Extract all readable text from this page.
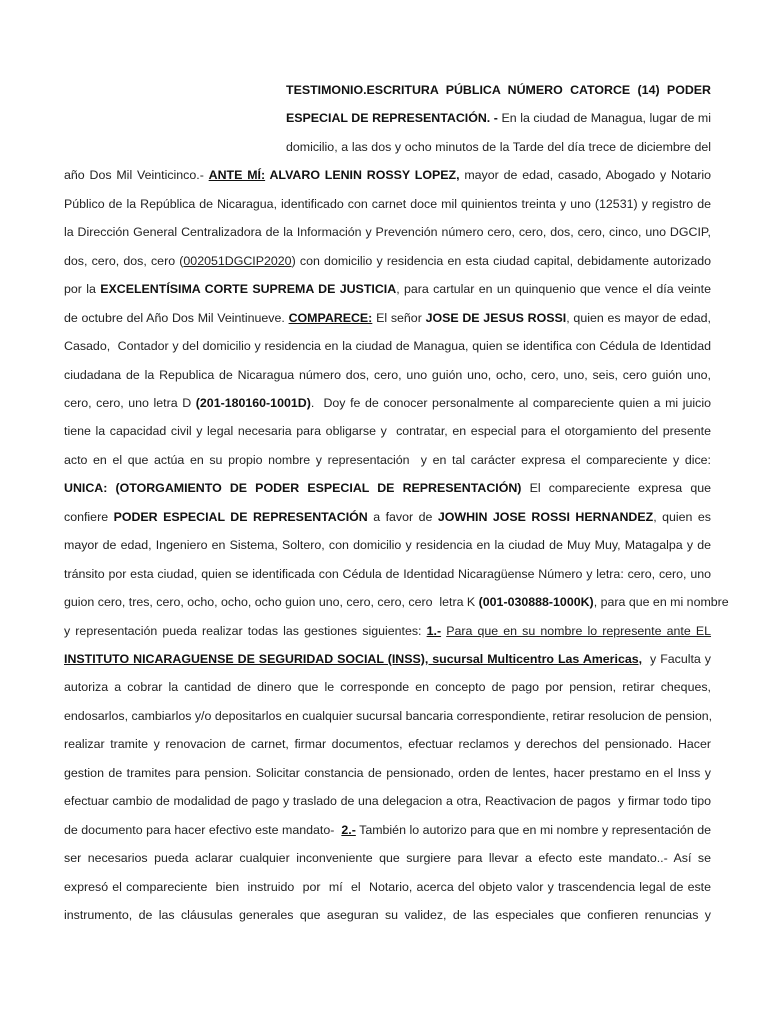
TESTIMONIO.ESCRITURA PÚBLICA NÚMERO CATORCE (14) PODER
ESPECIAL DE REPRESENTACIÓN. - En la ciudad de Managua, lugar de mi
domicilio, a las dos y ocho minutos de la Tarde del día trece de diciembre del
año Dos Mil Veinticinco.- ANTE MÍ: ALVARO LENIN ROSSY LOPEZ, mayor de edad, casado, Abogado y Notario
Público de la República de Nicaragua, identificado con carnet doce mil quinientos treinta y uno (12531) y registro de
la Dirección General Centralizadora de la Información y Prevención número cero, cero, dos, cero, cinco, uno DGCIP,
dos, cero, dos, cero (002051DGCIP2020) con domicilio y residencia en esta ciudad capital, debidamente autorizado
por la EXCELENTÍSIMA CORTE SUPREMA DE JUSTICIA, para cartular en un quinquenio que vence el día veinte
de octubre del Año Dos Mil Veintinueve. COMPARECE: El señor JOSE DE JESUS ROSSI, quien es mayor de edad,
Casado,  Contador y del domicilio y residencia en la ciudad de Managua, quien se identifica con Cédula de Identidad
ciudadana de la Republica de Nicaragua número dos, cero, uno guión uno, ocho, cero, uno, seis, cero guión uno,
cero, cero, uno letra D (201-180160-1001D).  Doy fe de conocer personalmente al compareciente quien a mi juicio
tiene la capacidad civil y legal necesaria para obligarse y  contratar, en especial para el otorgamiento del presente
acto en el que actúa en su propio nombre y representación  y en tal carácter expresa el compareciente y dice:
UNICA: (OTORGAMIENTO DE PODER ESPECIAL DE REPRESENTACIÓN) El compareciente expresa que
confiere PODER ESPECIAL DE REPRESENTACIÓN a favor de JOWHIN JOSE ROSSI HERNANDEZ, quien es
mayor de edad, Ingeniero en Sistema, Soltero, con domicilio y residencia en la ciudad de Muy Muy, Matagalpa y de
tránsito por esta ciudad, quien se identificada con Cédula de Identidad Nicaragüense Número y letra: cero, cero, uno
guion cero, tres, cero, ocho, ocho, ocho guion uno, cero, cero, cero  letra K (001-030888-1000K), para que en mi nombre
y representación pueda realizar todas las gestiones siguientes: 1.- Para que en su nombre lo represente ante EL
INSTITUTO NICARAGUENSE DE SEGURIDAD SOCIAL (INSS), sucursal Multicentro Las Americas,  y Faculta y
autoriza a cobrar la cantidad de dinero que le corresponde en concepto de pago por pension, retirar cheques,
endosarlos, cambiarlos y/o depositarlos en cualquier sucursal bancaria correspondiente, retirar resolucion de pension,
realizar tramite y renovacion de carnet, firmar documentos, efectuar reclamos y derechos del pensionado. Hacer
gestion de tramites para pension. Solicitar constancia de pensionado, orden de lentes, hacer prestamo en el Inss y
efectuar cambio de modalidad de pago y traslado de una delegacion a otra, Reactivacion de pagos  y firmar todo tipo
de documento para hacer efectivo este mandato-  2.- También lo autorizo para que en mi nombre y representación de
ser necesarios pueda aclarar cualquier inconveniente que surgiere para llevar a efecto este mandato..- Así se
expresó el compareciente  bien  instruido  por  mí  el  Notario, acerca del objeto valor y trascendencia legal de este
instrumento, de las cláusulas generales que aseguran su validez, de las especiales que confieren renuncias y
